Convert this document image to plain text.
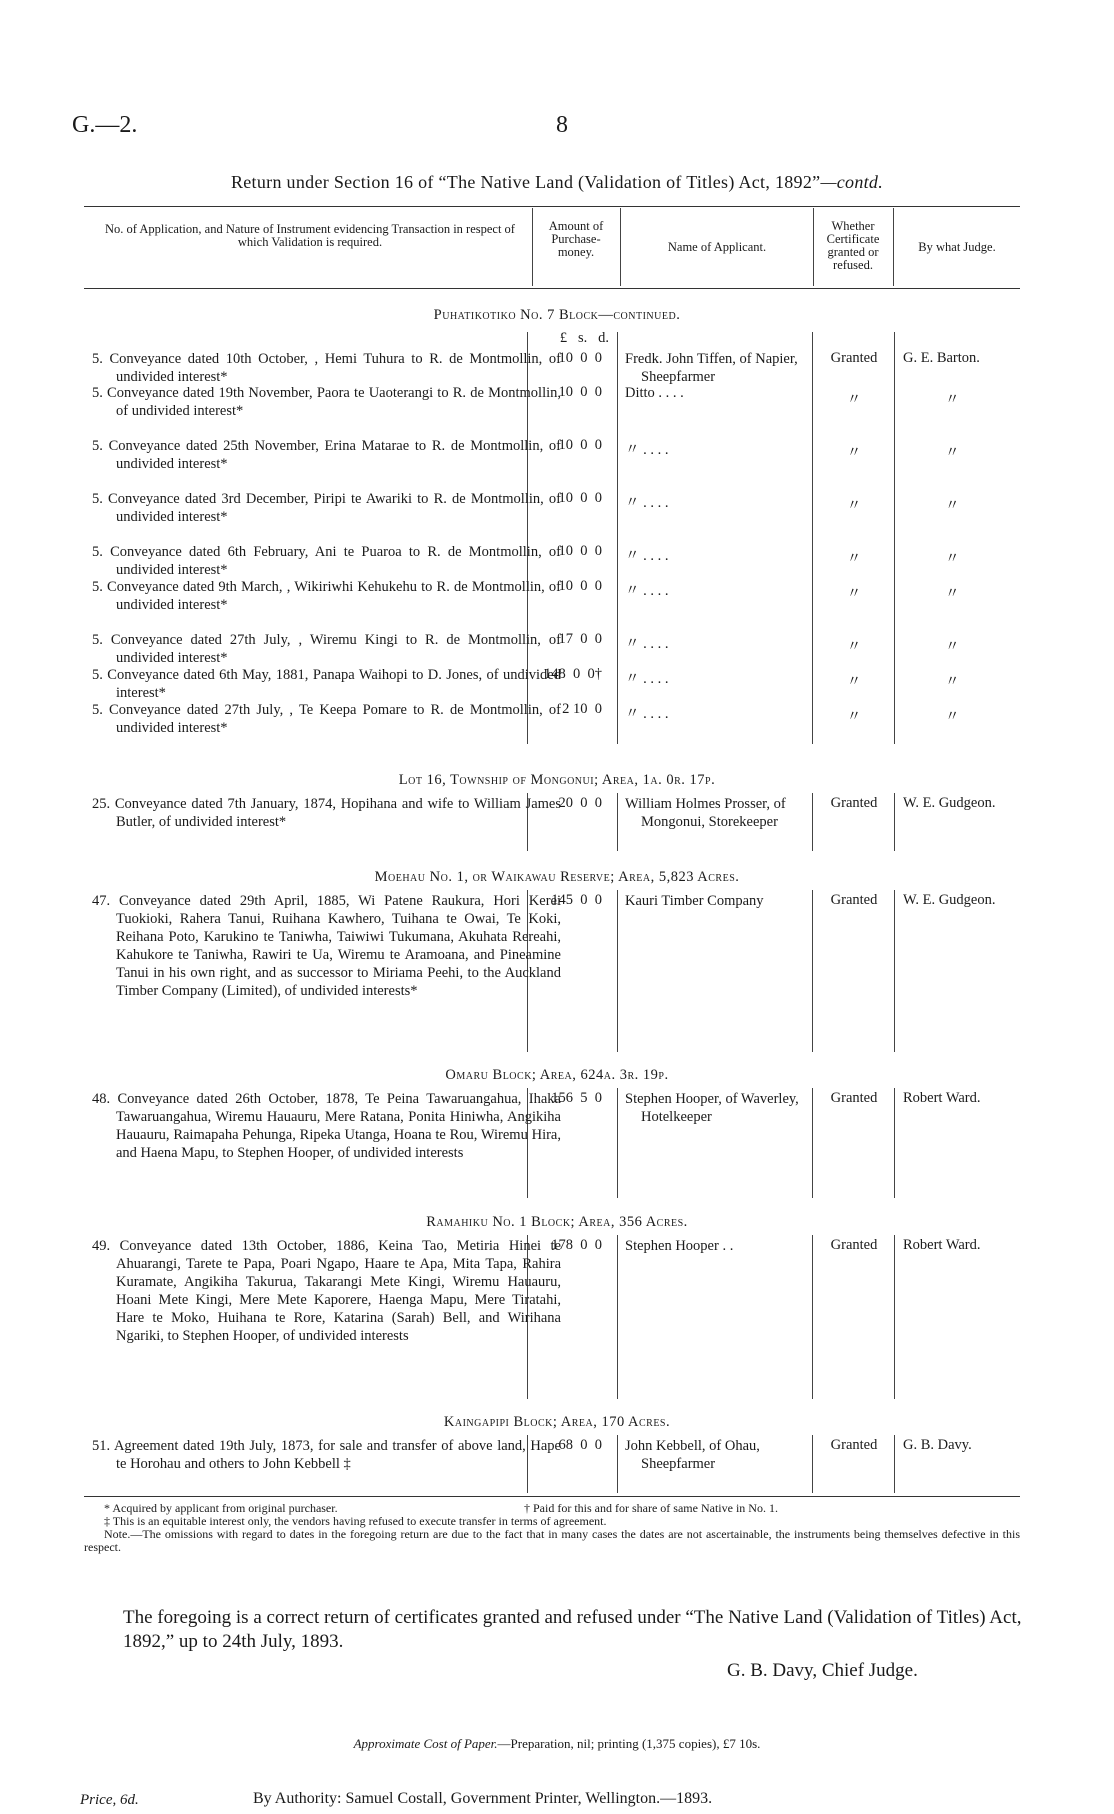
G.—2.	8
Return under Section 16 of “The Native Land (Validation of Titles) Act, 1892”—contd.
No. of Application, and Nature of Instrument evidencing Transaction in respect of which Validation is required.
Amount of Purchase-money.	Name of Applicant.
Whether Certificate granted or refused.
By what Judge.
Puhatikotiko No. 7 Block—continued.
£   s.   d.
5. Conveyance dated 10th October, , Hemi Tuhura to R. de Montmollin, of undivided interest*
10  0  0 Fredk. John Tiffen, of Napier, Sheepfarmer
Granted	G. E. Barton.
5. Conveyance dated 19th November, Paora te Uaoterangi to R. de Montmollin, of undivided interest*
10  0  0 Ditto . . . .	〃	〃
5. Conveyance dated 25th November, Erina Matarae to R. de Montmollin, of undivided interest*
10  0  0 〃 . . . .	〃	〃
5. Conveyance dated 3rd December, Piripi te Awariki to R. de Montmollin, of undivided interest*
10  0  0 〃 . . . .	〃	〃
5. Conveyance dated 6th February, Ani te Puaroa to R. de Montmollin, of undivided interest*
10  0  0 〃 . . . .	〃	〃
5. Conveyance dated 9th March, , Wikiriwhi Kehukehu to R. de Montmollin, of undivided interest*
10  0  0 〃 . . . .	〃	〃
5. Conveyance dated 27th July, , Wiremu Kingi to R. de Montmollin, of undivided interest*
17  0  0 〃 . . . .	〃	〃
5. Conveyance dated 6th May, 1881, Panapa Waihopi to D. Jones, of undivided interest*
148  0  0† 〃 . . . .	〃	〃
5. Conveyance dated 27th July, , Te Keepa Pomare to R. de Montmollin, of undivided interest*
2 10  0 〃 . . . .	〃	〃
Lot 16, Township of Mongonui; Area, 1a. 0r. 17p.
25. Conveyance dated 7th January, 1874, Hopihana and wife to William James Butler, of undivided interest*
20  0  0 William Holmes Prosser, of Mongonui, Storekeeper
Granted	W. E. Gudgeon.
Moehau No. 1, or Waikawau Reserve; Area, 5,823 Acres.
47. Conveyance dated 29th April, 1885, Wi Patene Raukura, Hori Kerei Tuokioki, Rahera Tanui, Ruihana Kawhero, Tuihana te Owai, Te Koki, Reihana Poto, Karukino te Taniwha, Taiwiwi Tukumana, Akuhata Rereahi, Kahukore te Taniwha, Rawiri te Ua, Wiremu te Aramoana, and Pineamine Tanui in his own right, and as successor to Miriama Peehi, to the Auckland Timber Company (Limited), of undivided interests*
145  0  0 Kauri Timber Company	Granted	W. E. Gudgeon.
Omaru Block; Area, 624a. 3r. 19p.
48. Conveyance dated 26th October, 1878, Te Peina Tawaruangahua, Ihaka Tawaruangahua, Wiremu Hauauru, Mere Ratana, Ponita Hiniwha, Angikiha Hauauru, Raimapaha Pehunga, Ripeka Utanga, Hoana te Rou, Wiremu Hira, and Haena Mapu, to Stephen Hooper, of undivided interests
156  5  0 Stephen Hooper, of Waverley, Hotelkeeper
Granted	Robert Ward.
Ramahiku No. 1 Block; Area, 356 Acres.
49. Conveyance dated 13th October, 1886, Keina Tao, Metiria Hinei te Ahuarangi, Tarete te Papa, Poari Ngapo, Haare te Apa, Mita Tapa, Rahira Kuramate, Angikiha Takurua, Takarangi Mete Kingi, Wiremu Hauauru, Hoani Mete Kingi, Mere Mete Kaporere, Haenga Mapu, Mere Tiratahi, Hare te Moko, Huihana te Rore, Katarina (Sarah) Bell, and Wirihana Ngariki, to Stephen Hooper, of undivided interests
178  0  0 Stephen Hooper . .	Granted	Robert Ward.
Kaingapipi Block; Area, 170 Acres.
51. Agreement dated 19th July, 1873, for sale and transfer of above land, Hape te Horohau and others to John Kebbell ‡
68  0  0 John Kebbell, of Ohau, Sheepfarmer
Granted	G. B. Davy.
* Acquired by applicant from original purchaser.	† Paid for this and for share of same Native in No. 1.
‡ This is an equitable interest only, the vendors having refused to execute transfer in terms of agreement.
Note.—The omissions with regard to dates in the foregoing return are due to the fact that in many cases the dates are not ascertainable, the instruments being themselves defective in this respect.
The foregoing is a correct return of certificates granted and refused under “The Native Land (Validation of Titles) Act, 1892,” up to 24th July, 1893.
G. B. Davy, Chief Judge.
Approximate Cost of Paper.—Preparation, nil; printing (1,375 copies), £7 10s.
Price, 6d.	By Authority: Samuel Costall, Government Printer, Wellington.—1893.
